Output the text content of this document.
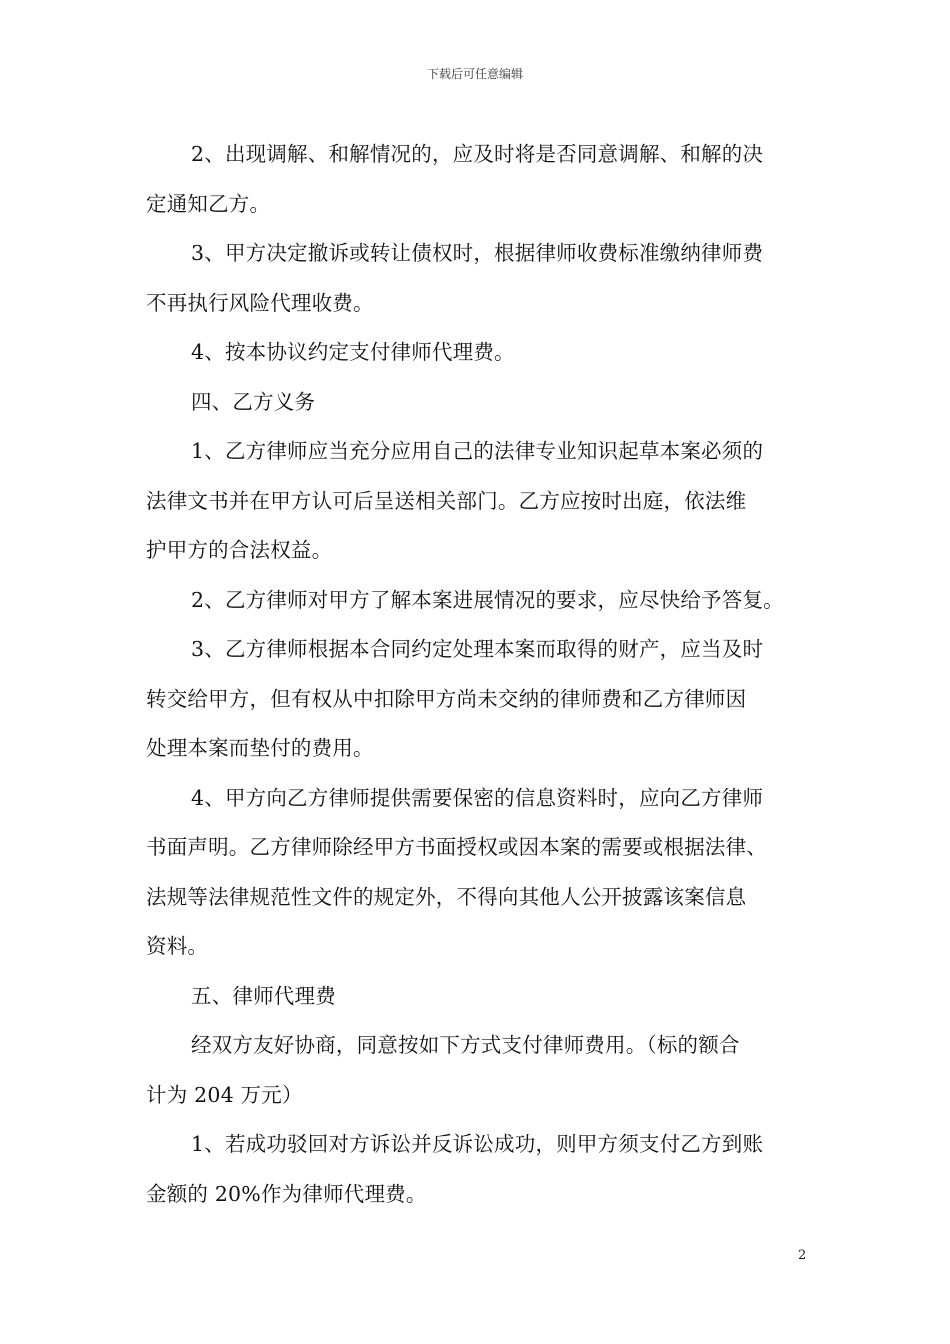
下载后可任意编辑

2、出现调解、和解情况的，应及时将是否同意调解、和解的决
定通知乙方。

3、甲方决定撤诉或转让债权时，根据律师收费标准缴纳律师费
不再执行风险代理收费。

4、按本协议约定支付律师代理费。

四、乙方义务

1、乙方律师应当充分应用自己的法律专业知识起草本案必须的
法律文书并在甲方认可后呈送相关部门。乙方应按时出庭，依法维
护甲方的合法权益。

2、乙方律师对甲方了解本案进展情况的要求，应尽快给予答复。

3、乙方律师根据本合同约定处理本案而取得的财产，应当及时
转交给甲方，但有权从中扣除甲方尚未交纳的律师费和乙方律师因
处理本案而垫付的费用。

4、甲方向乙方律师提供需要保密的信息资料时，应向乙方律师
书面声明。乙方律师除经甲方书面授权或因本案的需要或根据法律、
法规等法律规范性文件的规定外，不得向其他人公开披露该案信息
资料。

五、律师代理费

经双方友好协商，同意按如下方式支付律师费用。（标的额合
计为 204 万元）

1、若成功驳回对方诉讼并反诉讼成功，则甲方须支付乙方到账
金额的 20%作为律师代理费。

2
